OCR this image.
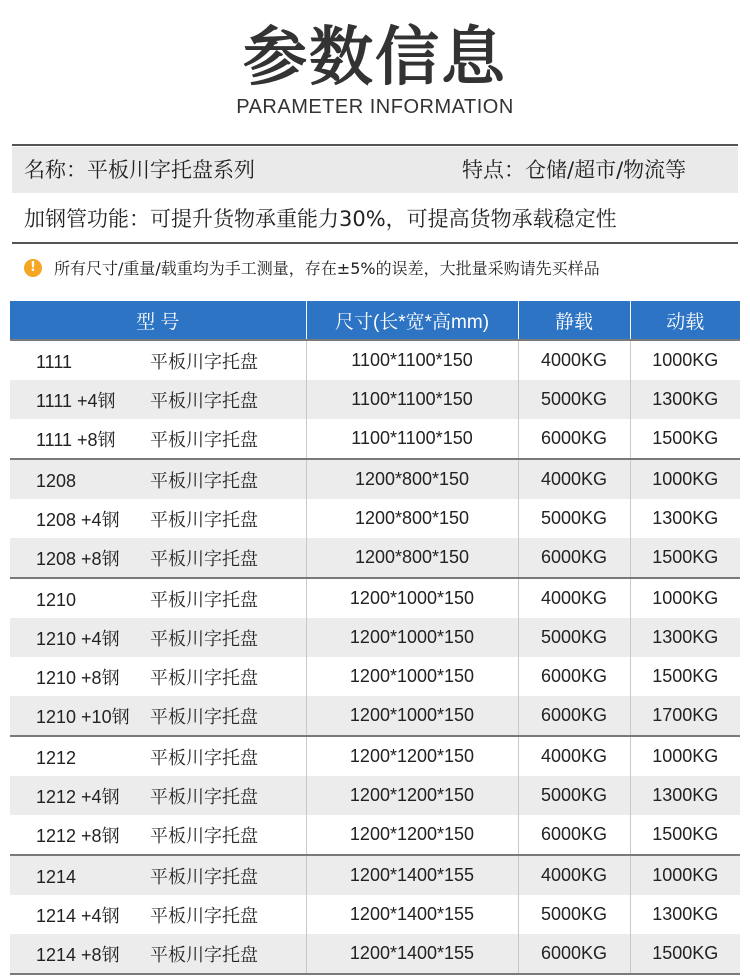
参数信息
PARAMETER INFORMATION
名称：平板川字托盘系列	特点：仓储/超市/物流等
加钢管功能：可提升货物承重能力30%，可提高货物承载稳定性
! 所有尺寸/重量/载重均为手工测量，存在±5%的误差，大批量采购请先买样品
型 号	尺寸(长*宽*高mm)	静载	动载
1111 平板川字托盘	1100*1100*150	4000KG	1000KG
1111 +4钢 平板川字托盘	1100*1100*150	5000KG	1300KG
1111 +8钢 平板川字托盘	1100*1100*150	6000KG	1500KG
1208 平板川字托盘	1200*800*150	4000KG	1000KG
1208 +4钢 平板川字托盘	1200*800*150	5000KG	1300KG
1208 +8钢 平板川字托盘	1200*800*150	6000KG	1500KG
1210 平板川字托盘	1200*1000*150	4000KG	1000KG
1210 +4钢 平板川字托盘	1200*1000*150	5000KG	1300KG
1210 +8钢 平板川字托盘	1200*1000*150	6000KG	1500KG
1210 +10钢 平板川字托盘	1200*1000*150	6000KG	1700KG
1212 平板川字托盘	1200*1200*150	4000KG	1000KG
1212 +4钢 平板川字托盘	1200*1200*150	5000KG	1300KG
1212 +8钢 平板川字托盘	1200*1200*150	6000KG	1500KG
1214 平板川字托盘	1200*1400*155	4000KG	1000KG
1214 +4钢 平板川字托盘	1200*1400*155	5000KG	1300KG
1214 +8钢 平板川字托盘	1200*1400*155	6000KG	1500KG
